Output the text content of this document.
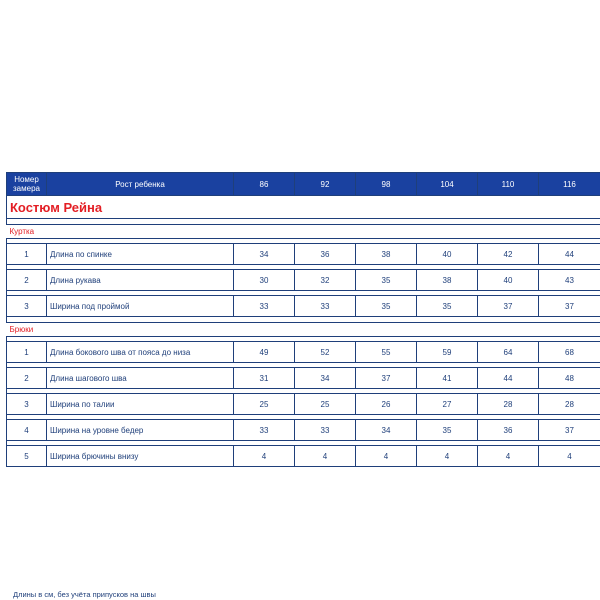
Номер замера	Рост ребенка	86	92	98	104	110	116
Костюм Рейна							

Куртка							

1	Длина по спинке	34	36	38	40	42	44

2	Длина рукава	30	32	35	38	40	43

3	Ширина под проймой	33	33	35	35	37	37

Брюки							

1	Длина бокового шва от пояса до низа	49	52	55	59	64	68

2	Длина шагового шва	31	34	37	41	44	48

3	Ширина по талии	25	25	26	27	28	28

4	Ширина на уровне бедер	33	33	34	35	36	37

5	Ширина брючины внизу	4	4	4	4	4	4
Длины в см, без учёта припусков на швы
